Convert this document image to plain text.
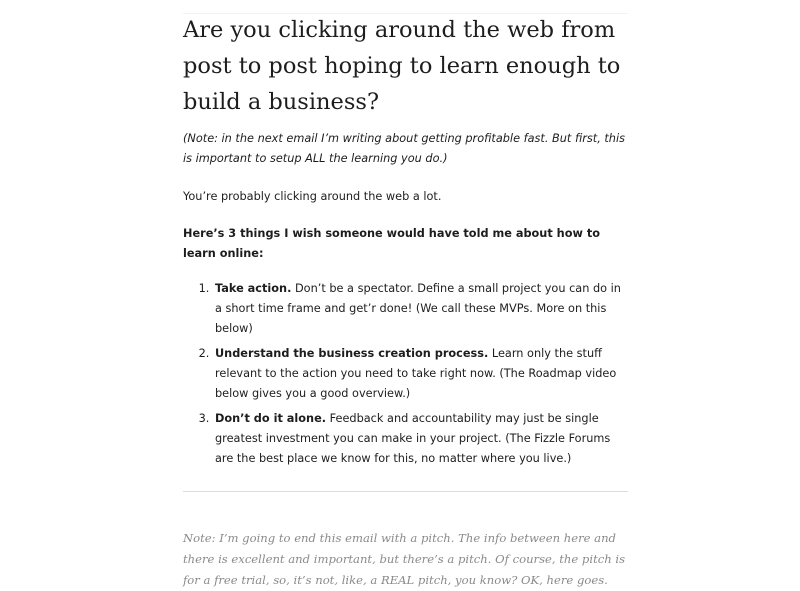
Are you clicking around the web from post to post hoping to learn enough to build a business?

(Note: in the next email I’m writing about getting profitable fast. But first, this is important to setup ALL the learning you do.)

You’re probably clicking around the web a lot.

Here’s 3 things I wish someone would have told me about how to learn online:

1. Take action. Don’t be a spectator. Define a small project you can do in a short time frame and get’r done! (We call these MVPs. More on this below)
2. Understand the business creation process. Learn only the stuff relevant to the action you need to take right now. (The Roadmap video below gives you a good overview.)
3. Don’t do it alone. Feedback and accountability may just be single greatest investment you can make in your project. (The Fizzle Forums are the best place we know for this, no matter where you live.)

Note: I’m going to end this email with a pitch. The info between here and there is excellent and important, but there’s a pitch. Of course, the pitch is for a free trial, so, it’s not, like, a REAL pitch, you know? OK, here goes.
